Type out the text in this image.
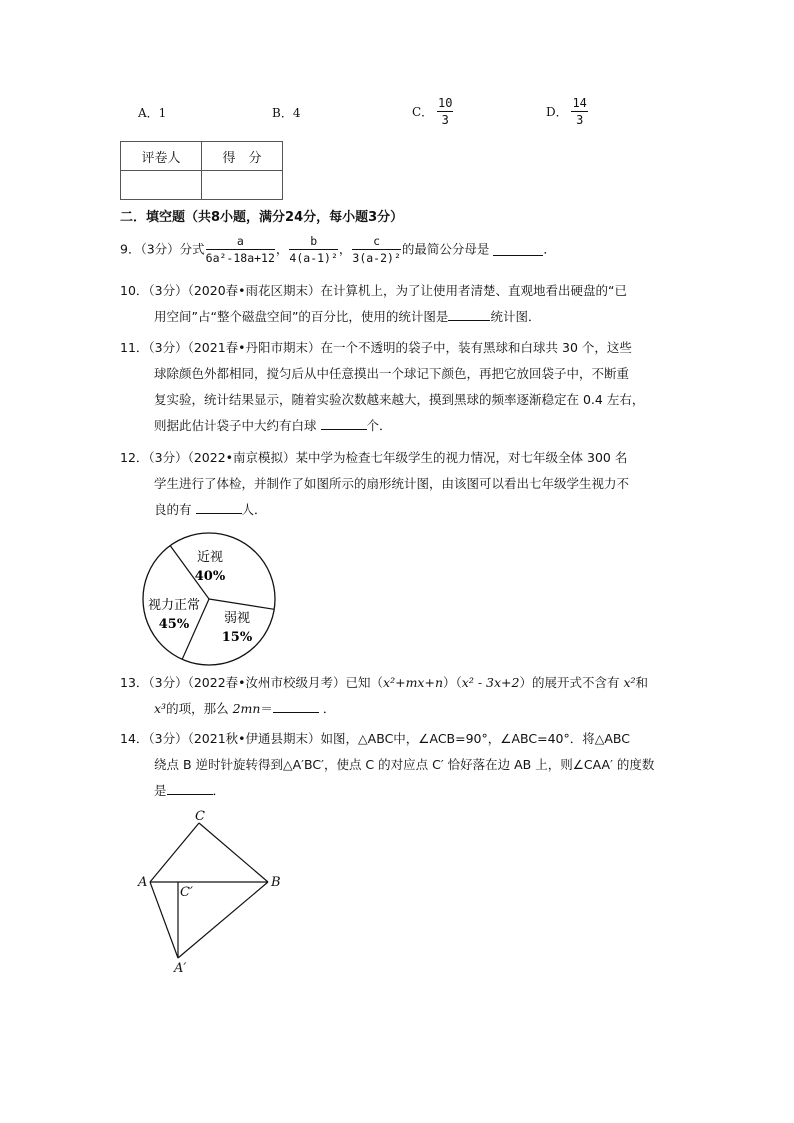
A．1	B．4	C． $\frac{10}{3}$	D． $\frac{14}{3}$
评卷人	得　分

二．填空题（共8小题，满分24分，每小题3分）
9．（3分）分式 $\frac{a}{\text{6a²-18a+12}}$ ， $\frac{b}{\text{4(a-1)²}}$ ， $\frac{c}{\text{3(a-2)²}}$ 的最简公分母是	．
10．（3分）（2020春•雨花区期末）在计算机上，为了让使用者清楚、直观地看出硬盘的“已
用空间”占“整个磁盘空间”的百分比，使用的统计图是	统计图．
11．（3分）（2021春•丹阳市期末）在一个不透明的袋子中，装有黑球和白球共 30 个，这些
球除颜色外都相同，搅匀后从中任意摸出一个球记下颜色，再把它放回袋子中，不断重
复实验，统计结果显示，随着实验次数越来越大，摸到黑球的频率逐渐稳定在 0.4 左右，
则据此估计袋子中大约有白球	个．
12．（3分）（2022•南京模拟）某中学为检查七年级学生的视力情况，对七年级全体 300 名
学生进行了体检，并制作了如图所示的扇形统计图，由该图可以看出七年级学生视力不
良的有	人．
近视
40%
视力正常
45%	弱视
15%
13．（3分）（2022春•汝州市校级月考）已知（x²+mx+n）（x² - 3x+2）的展开式不含有 x²和
x³的项，那么 2mn＝	．
14．（3分）（2021秋•伊通县期末）如图，△ABC中，∠ACB=90°，∠ABC=40°．将△ABC
绕点 B 逆时针旋转得到△A′BC′，使点 C 的对应点 C′ 恰好落在边 AB 上，则∠CAA′ 的度数
是	．
C
A	B
C′
A′
